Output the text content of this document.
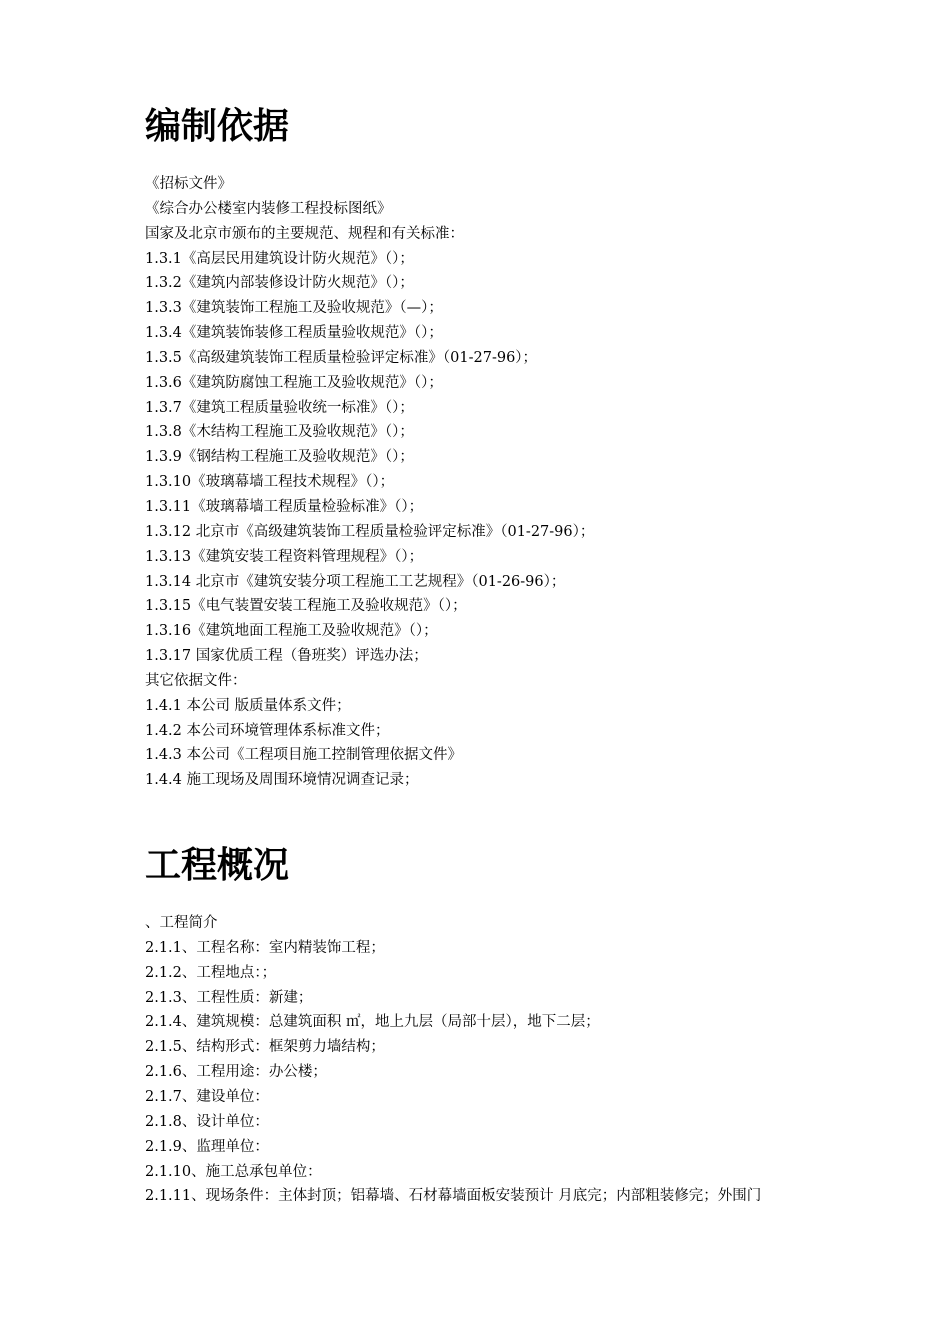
编制依据
《招标文件》
《综合办公楼室内装修工程投标图纸》
国家及北京市颁布的主要规范、规程和有关标准：
1.3.1《高层民用建筑设计防火规范》（）；
1.3.2《建筑内部装修设计防火规范》（）；
1.3.3《建筑装饰工程施工及验收规范》（—）；
1.3.4《建筑装饰装修工程质量验收规范》（）；
1.3.5《高级建筑装饰工程质量检验评定标准》（01-27-96）；
1.3.6《建筑防腐蚀工程施工及验收规范》（）；
1.3.7《建筑工程质量验收统一标准》（）；
1.3.8《木结构工程施工及验收规范》（）；
1.3.9《钢结构工程施工及验收规范》（）；
1.3.10《玻璃幕墙工程技术规程》（）；
1.3.11《玻璃幕墙工程质量检验标准》（）；
1.3.12 北京市《高级建筑装饰工程质量检验评定标准》（01-27-96）；
1.3.13《建筑安装工程资料管理规程》（）；
1.3.14 北京市《建筑安装分项工程施工工艺规程》（01-26-96）；
1.3.15《电气装置安装工程施工及验收规范》（）；
1.3.16《建筑地面工程施工及验收规范》（）；
1.3.17 国家优质工程（鲁班奖）评选办法；
其它依据文件：
1.4.1 本公司 版质量体系文件；
1.4.2 本公司环境管理体系标准文件；
1.4.3 本公司《工程项目施工控制管理依据文件》
1.4.4 施工现场及周围环境情况调查记录；
工程概况
、工程简介
2.1.1、工程名称：室内精装饰工程；
2.1.2、工程地点：；
2.1.3、工程性质：新建；
2.1.4、建筑规模：总建筑面积 ㎡，地上九层（局部十层），地下二层；
2.1.5、结构形式：框架剪力墙结构；
2.1.6、工程用途：办公楼；
2.1.7、建设单位：
2.1.8、设计单位：
2.1.9、监理单位：
2.1.10、施工总承包单位：
2.1.11、现场条件：主体封顶；铝幕墙、石材幕墙面板安装预计 月底完；内部粗装修完；外围门
